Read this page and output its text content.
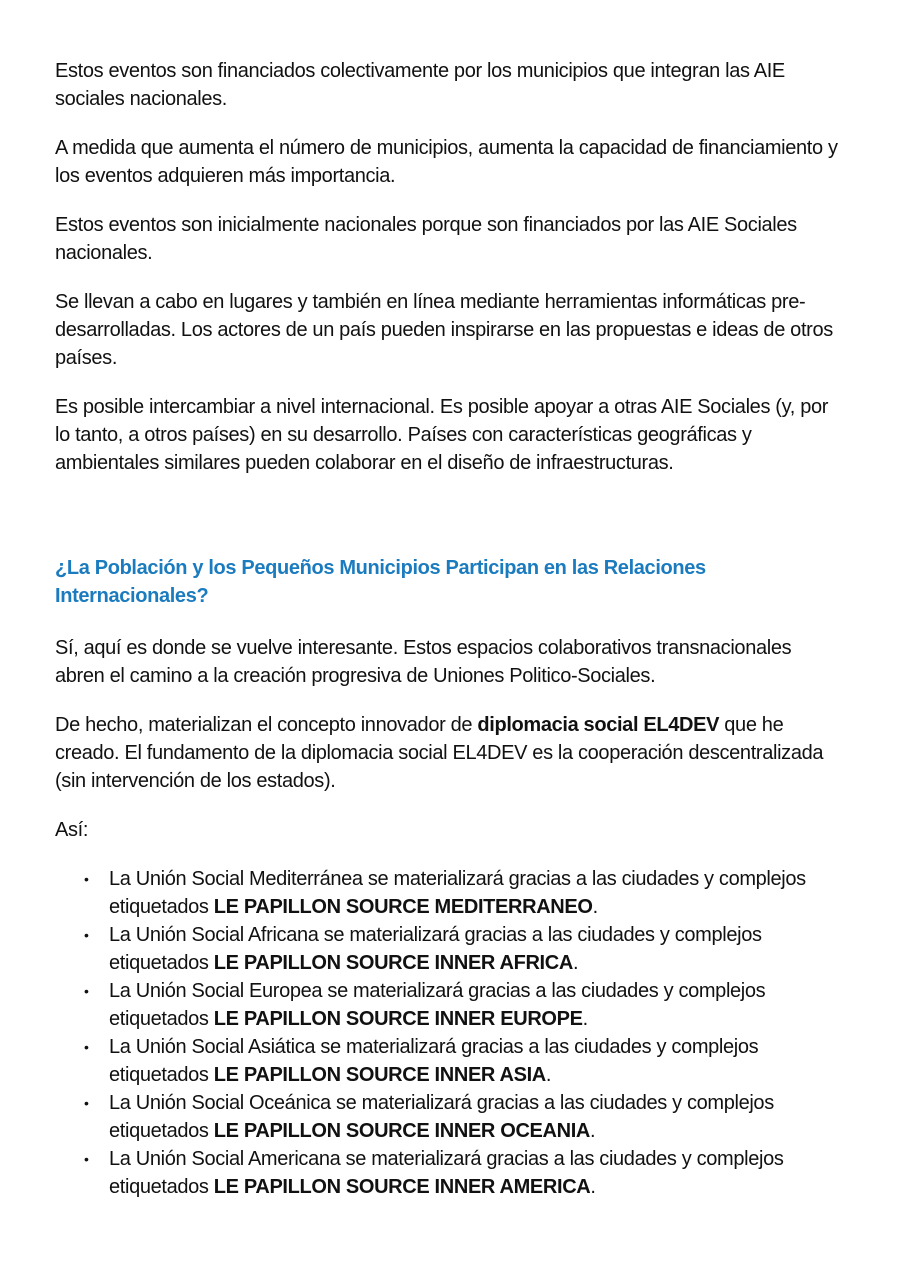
Estos eventos son financiados colectivamente por los municipios que integran las AIE sociales nacionales.

A medida que aumenta el número de municipios, aumenta la capacidad de financiamiento y los eventos adquieren más importancia.

Estos eventos son inicialmente nacionales porque son financiados por las AIE Sociales nacionales.

Se llevan a cabo en lugares y también en línea mediante herramientas informáticas pre-desarrolladas. Los actores de un país pueden inspirarse en las propuestas e ideas de otros países.

Es posible intercambiar a nivel internacional. Es posible apoyar a otras AIE Sociales (y, por lo tanto, a otros países) en su desarrollo. Países con características geográficas y ambientales similares pueden colaborar en el diseño de infraestructuras.

¿La Población y los Pequeños Municipios Participan en las Relaciones Internacionales?

Sí, aquí es donde se vuelve interesante. Estos espacios colaborativos transnacionales abren el camino a la creación progresiva de Uniones Politico-Sociales.

De hecho, materializan el concepto innovador de diplomacia social EL4DEV que he creado. El fundamento de la diplomacia social EL4DEV es la cooperación descentralizada (sin intervención de los estados).

Así:

• La Unión Social Mediterránea se materializará gracias a las ciudades y complejos etiquetados LE PAPILLON SOURCE MEDITERRANEO.
• La Unión Social Africana se materializará gracias a las ciudades y complejos etiquetados LE PAPILLON SOURCE INNER AFRICA.
• La Unión Social Europea se materializará gracias a las ciudades y complejos etiquetados LE PAPILLON SOURCE INNER EUROPE.
• La Unión Social Asiática se materializará gracias a las ciudades y complejos etiquetados LE PAPILLON SOURCE INNER ASIA.
• La Unión Social Oceánica se materializará gracias a las ciudades y complejos etiquetados LE PAPILLON SOURCE INNER OCEANIA.
• La Unión Social Americana se materializará gracias a las ciudades y complejos etiquetados LE PAPILLON SOURCE INNER AMERICA.
